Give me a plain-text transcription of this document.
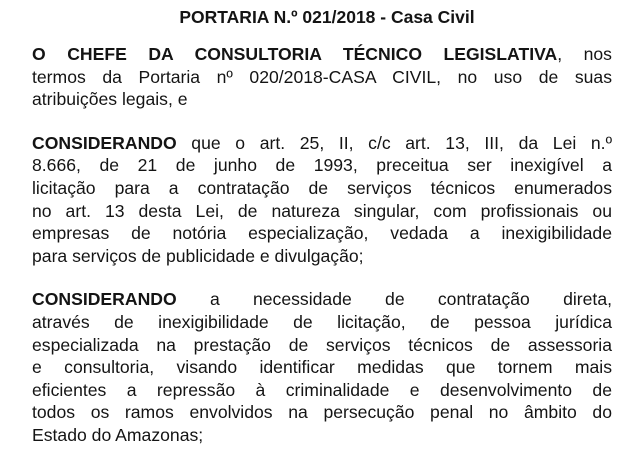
PORTARIA N.º 021/2018 - Casa Civil

O CHEFE DA CONSULTORIA TÉCNICO LEGISLATIVA, nos
termos da Portaria nº 020/2018-CASA CIVIL, no uso de suas
atribuições legais, e

CONSIDERANDO que o art. 25, II, c/c art. 13, III, da Lei n.º
8.666, de 21 de junho de 1993, preceitua ser inexigível a
licitação para a contratação de serviços técnicos enumerados
no art. 13 desta Lei, de natureza singular, com profissionais ou
empresas de notória especialização, vedada a inexigibilidade
para serviços de publicidade e divulgação;

CONSIDERANDO a necessidade de contratação direta,
através de inexigibilidade de licitação, de pessoa jurídica
especializada na prestação de serviços técnicos de assessoria
e consultoria, visando identificar medidas que tornem mais
eficientes a repressão à criminalidade e desenvolvimento de
todos os ramos envolvidos na persecução penal no âmbito do
Estado do Amazonas;
